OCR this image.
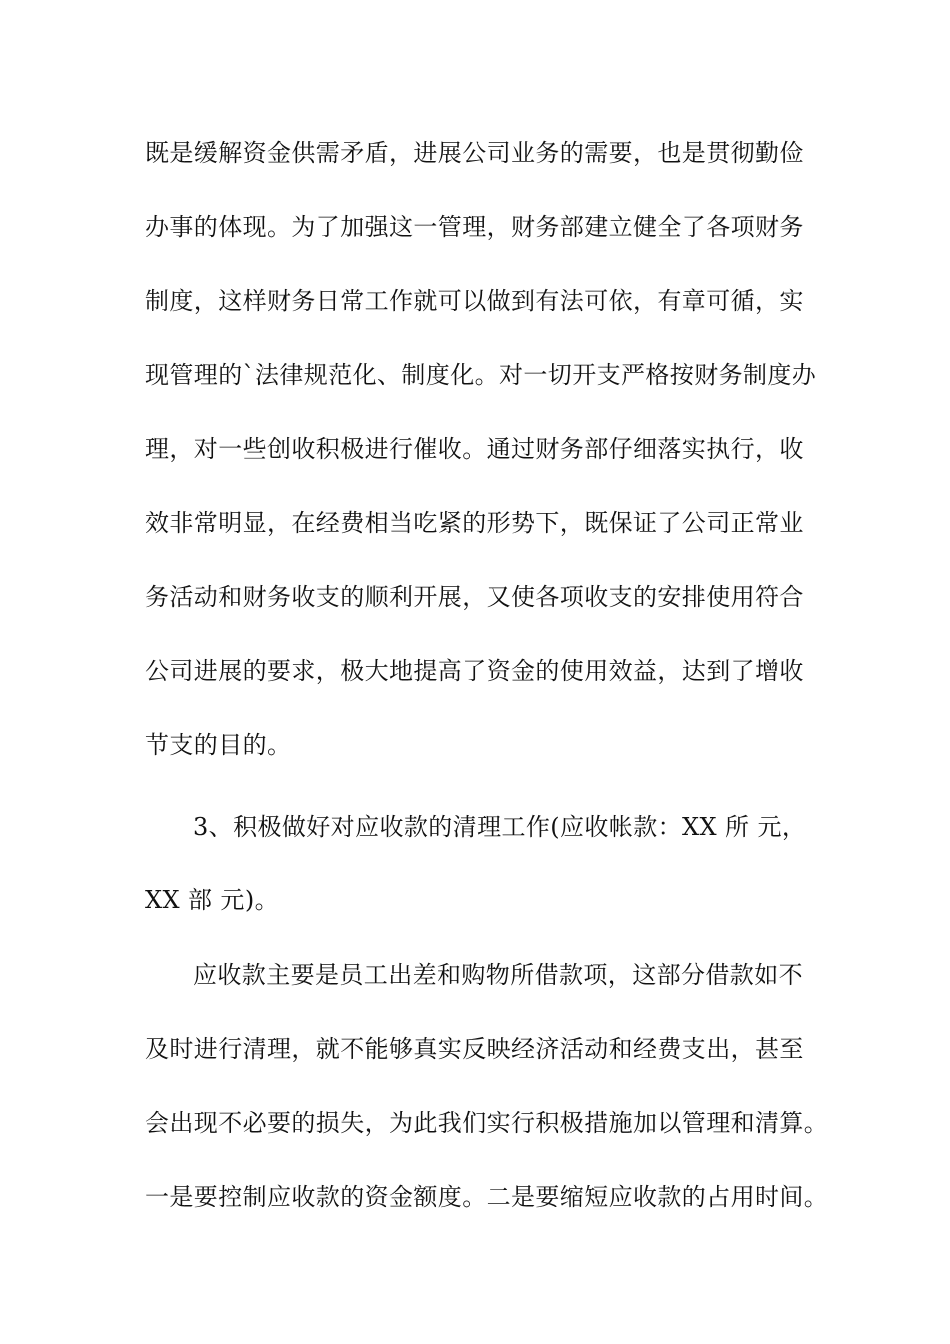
既是缓解资金供需矛盾，进展公司业务的需要，也是贯彻勤俭
办事的体现。为了加强这一管理，财务部建立健全了各项财务
制度，这样财务日常工作就可以做到有法可依，有章可循，实
现管理的`法律规范化、制度化。对一切开支严格按财务制度办
理，对一些创收积极进行催收。通过财务部仔细落实执行，收
效非常明显，在经费相当吃紧的形势下，既保证了公司正常业
务活动和财务收支的顺利开展，又使各项收支的安排使用符合
公司进展的要求，极大地提高了资金的使用效益，达到了增收
节支的目的。
3、积极做好对应收款的清理工作(应收帐款：XX 所 元，
XX 部 元)。
应收款主要是员工出差和购物所借款项，这部分借款如不
及时进行清理，就不能够真实反映经济活动和经费支出，甚至
会出现不必要的损失，为此我们实行积极措施加以管理和清算。
一是要控制应收款的资金额度。二是要缩短应收款的占用时间。
